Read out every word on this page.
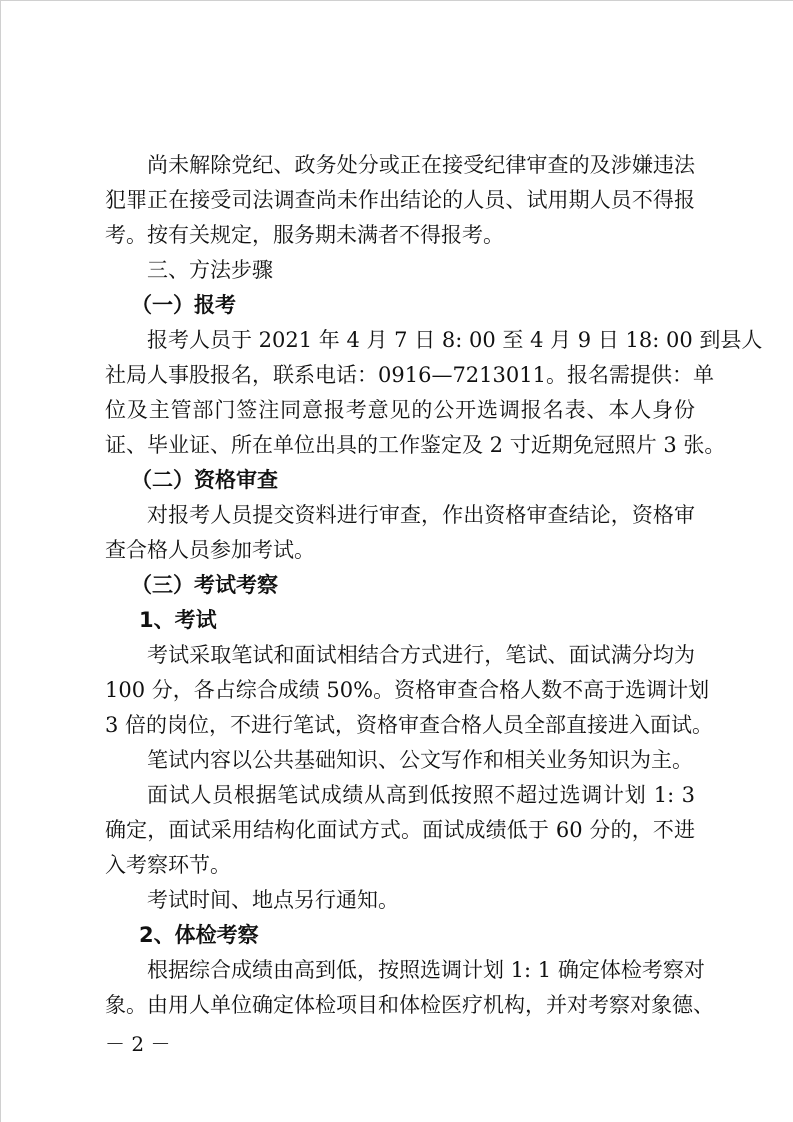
尚未解除党纪、政务处分或正在接受纪律审查的及涉嫌违法
犯罪正在接受司法调查尚未作出结论的人员、试用期人员不得报
考。按有关规定，服务期未满者不得报考。
三、方法步骤
（一）报考
报考人员于 2021 年 4 月 7 日 8: 00 至 4 月 9 日 18: 00 到县人
社局人事股报名，联系电话：0916—7213011。报名需提供：单
位及主管部门签注同意报考意见的公开选调报名表、本人身份
证、毕业证、所在单位出具的工作鉴定及 2 寸近期免冠照片 3 张。
（二）资格审查
对报考人员提交资料进行审查，作出资格审查结论，资格审
查合格人员参加考试。
（三）考试考察
1、考试
考试采取笔试和面试相结合方式进行，笔试、面试满分均为
100 分，各占综合成绩 50%。资格审查合格人数不高于选调计划
3 倍的岗位，不进行笔试，资格审查合格人员全部直接进入面试。
笔试内容以公共基础知识、公文写作和相关业务知识为主。
面试人员根据笔试成绩从高到低按照不超过选调计划 1: 3
确定，面试采用结构化面试方式。面试成绩低于 60 分的，不进
入考察环节。
考试时间、地点另行通知。
2、体检考察
根据综合成绩由高到低，按照选调计划 1: 1 确定体检考察对
象。由用人单位确定体检项目和体检医疗机构，并对考察对象德、
－ 2 －
